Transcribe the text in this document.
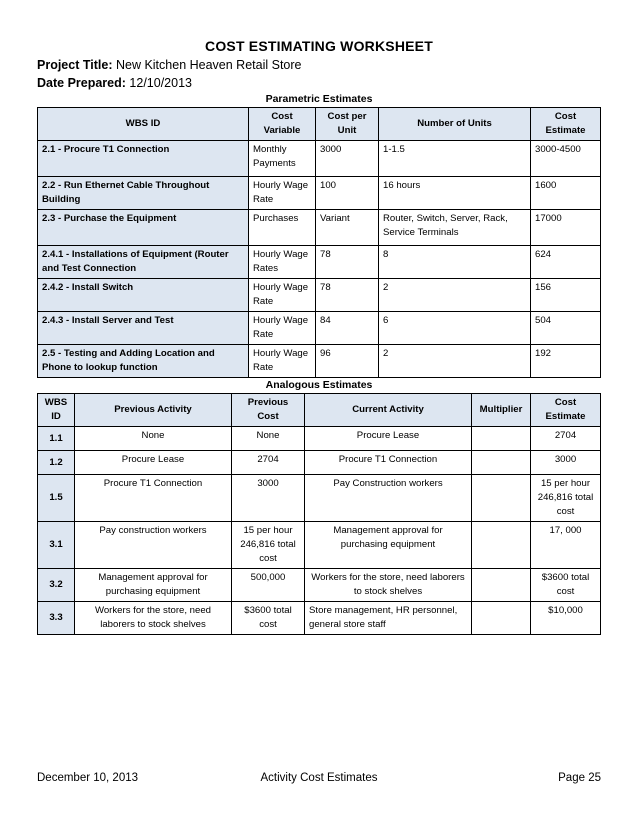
COST ESTIMATING WORKSHEET
Project Title: New Kitchen Heaven Retail Store
Date Prepared: 12/10/2013
Parametric Estimates
WBS ID	Cost Variable	Cost per Unit	Number of Units	Cost Estimate
2.1 - Procure T1 Connection	Monthly Payments	3000	1-1.5	3000-4500
2.2 - Run Ethernet Cable Throughout Building	Hourly Wage Rate	100	16 hours	1600
2.3 - Purchase the Equipment	Purchases	Variant	Router, Switch, Server, Rack, Service Terminals	17000
2.4.1 - Installations of Equipment (Router and Test Connection	Hourly Wage Rates	78	8	624
2.4.2 - Install Switch	Hourly Wage Rate	78	2	156
2.4.3 - Install Server and Test	Hourly Wage Rate	84	6	504
2.5 - Testing and Adding Location and Phone to lookup function	Hourly Wage Rate	96	2	192
Analogous Estimates
WBS ID	Previous Activity	Previous Cost	Current Activity	Multiplier	Cost Estimate
1.1	None	None	Procure Lease		2704
1.2	Procure Lease	2704	Procure T1 Connection		3000
1.5	Procure T1 Connection	3000	Pay Construction workers		15 per hour 246,816 total cost
3.1	Pay construction workers	15 per hour 246,816 total cost	Management approval for purchasing equipment		17, 000
3.2	Management approval for purchasing equipment	500,000	Workers for the store, need laborers to stock shelves		$3600 total cost
3.3	Workers for the store, need laborers to stock shelves	$3600 total cost	Store management, HR personnel, general store staff		$10,000
December 10, 2013	Activity Cost Estimates	Page 25
